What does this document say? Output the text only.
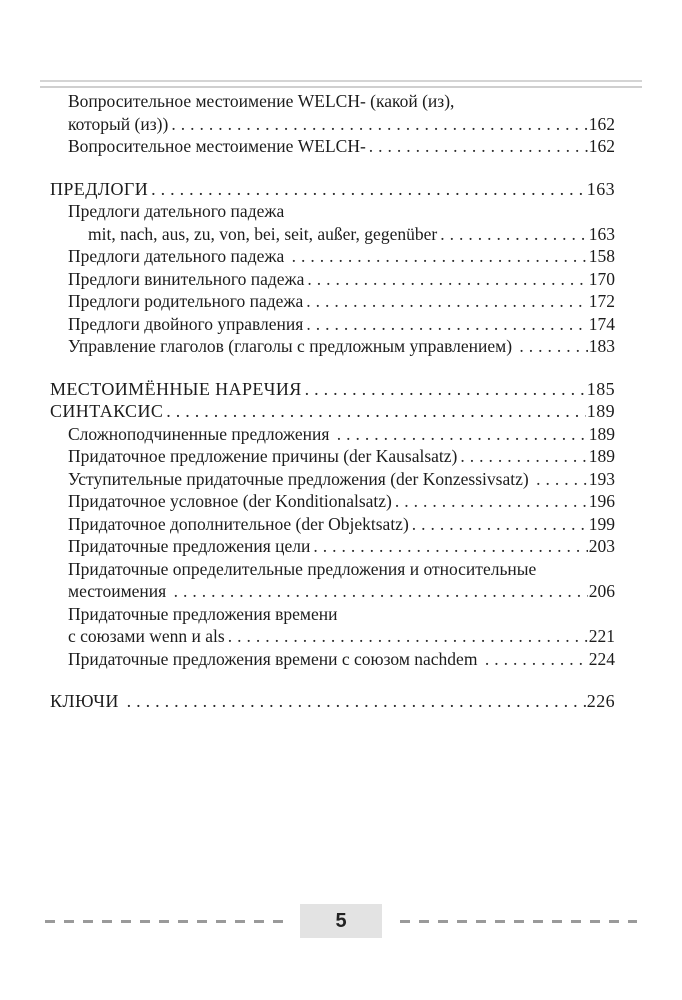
Вопросительное местоимение WELCH- (какой (из),
который (из)) .....	162
Вопросительное местоимение WELCH- .....	162
ПРЕДЛОГИ .....	163
Предлоги дательного падежа
mit, nach, aus, zu, von, bei, seit, außer, gegenüber .....	163
Предлоги дательного падежа .....	158
Предлоги винительного падежа .....	170
Предлоги родительного падежа .....	172
Предлоги двойного управления .....	174
Управление глаголов (глаголы с предложным управлением) .....	183
МЕСТОИМЁННЫЕ НАРЕЧИЯ .....	185
СИНТАКСИС .....	189
Сложноподчиненные предложения .....	189
Придаточное предложение причины (der Kausalsatz) .....	189
Уступительные придаточные предложения (der Konzessivsatz) .....	193
Придаточное условное (der Konditionalsatz) .....	196
Придаточное дополнительное (der Objektsatz) .....	199
Придаточные предложения цели .....	203
Придаточные определительные предложения и относительные
местоимения .....	206
Придаточные предложения времени
с союзами wenn и als .....	221
Придаточные предложения времени с союзом nachdem .....	224
КЛЮЧИ .....	226
5
